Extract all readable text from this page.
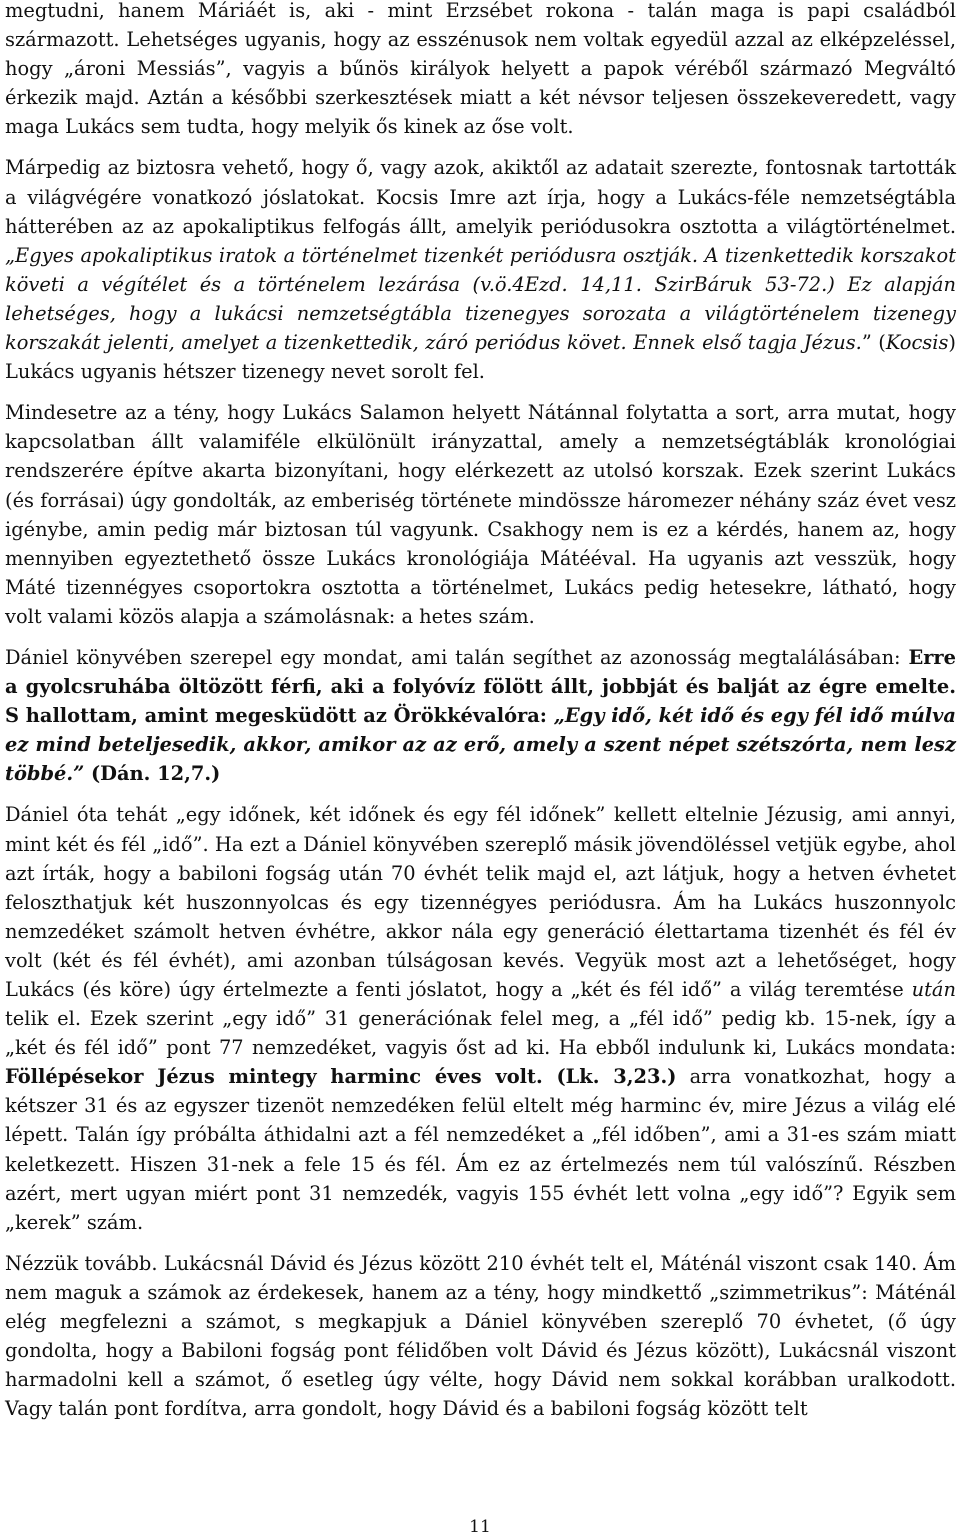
megtudni, hanem Máriáét is, aki - mint Erzsébet rokona - talán maga is papi családból származott. Lehetséges ugyanis, hogy az esszénusok nem voltak egyedül azzal az elképzeléssel, hogy „ároni Messiás”, vagyis a bűnös királyok helyett a papok véréből származó Megváltó érkezik majd. Aztán a későbbi szerkesztések miatt a két névsor teljesen összekeveredett, vagy maga Lukács sem tudta, hogy melyik ős kinek az őse volt.

Márpedig az biztosra vehető, hogy ő, vagy azok, akiktől az adatait szerezte, fontosnak tartották a világvégére vonatkozó jóslatokat. Kocsis Imre azt írja, hogy a Lukács-féle nemzetségtábla hátterében az az apokaliptikus felfogás állt, amelyik periódusokra osztotta a világtörténelmet. „Egyes apokaliptikus iratok a történelmet tizenkét periódusra osztják. A tizenkettedik korszakot követi a végítélet és a történelem lezárása (v.ö.4Ezd. 14,11. SzirBáruk 53-72.) Ez alapján lehetséges, hogy a lukácsi nemzetségtábla tizenegyes sorozata a világtörténelem tizenegy korszakát jelenti, amelyet a tizenkettedik, záró periódus követ. Ennek első tagja Jézus.” (Kocsis) Lukács ugyanis hétszer tizenegy nevet sorolt fel.

Mindesetre az a tény, hogy Lukács Salamon helyett Nátánnal folytatta a sort, arra mutat, hogy kapcsolatban állt valamiféle elkülönült irányzattal, amely a nemzetségtáblák kronológiai rendszerére építve akarta bizonyítani, hogy elérkezett az utolsó korszak. Ezek szerint Lukács (és forrásai) úgy gondolták, az emberiség története mindössze háromezer néhány száz évet vesz igénybe, amin pedig már biztosan túl vagyunk. Csakhogy nem is ez a kérdés, hanem az, hogy mennyiben egyeztethető össze Lukács kronológiája Mátééval. Ha ugyanis azt vesszük, hogy Máté tizennégyes csoportokra osztotta a történelmet, Lukács pedig hetesekre, látható, hogy volt valami közös alapja a számolásnak: a hetes szám.

Dániel könyvében szerepel egy mondat, ami talán segíthet az azonosság megtalálásában: Erre a gyolcsruhába öltözött férfi, aki a folyóvíz fölött állt, jobbját és balját az égre emelte. S hallottam, amint megesküdött az Örökkévalóra: „Egy idő, két idő és egy fél idő múlva ez mind beteljesedik, akkor, amikor az az erő, amely a szent népet szétszórta, nem lesz többé.” (Dán. 12,7.)

Dániel óta tehát „egy időnek, két időnek és egy fél időnek” kellett eltelnie Jézusig, ami annyi, mint két és fél „idő”. Ha ezt a Dániel könyvében szereplő másik jövendöléssel vetjük egybe, ahol azt írták, hogy a babiloni fogság után 70 évhét telik majd el, azt látjuk, hogy a hetven évhetet feloszthatjuk két huszonnyolcas és egy tizennégyes periódusra. Ám ha Lukács huszonnyolc nemzedéket számolt hetven évhétre, akkor nála egy generáció élettartama tizenhét és fél év volt (két és fél évhét), ami azonban túlságosan kevés. Vegyük most azt a lehetőséget, hogy Lukács (és köre) úgy értelmezte a fenti jóslatot, hogy a „két és fél idő” a világ teremtése után telik el. Ezek szerint „egy idő” 31 generációnak felel meg, a „fél idő” pedig kb. 15-nek, így a „két és fél idő” pont 77 nemzedéket, vagyis őst ad ki. Ha ebből indulunk ki, Lukács mondata: Föllépésekor Jézus mintegy harminc éves volt. (Lk. 3,23.) arra vonatkozhat, hogy a kétszer 31 és az egyszer tizenöt nemzedéken felül eltelt még harminc év, mire Jézus a világ elé lépett. Talán így próbálta áthidalni azt a fél nemzedéket a „fél időben”, ami a 31-es szám miatt keletkezett. Hiszen 31-nek a fele 15 és fél. Ám ez az értelmezés nem túl valószínű. Részben azért, mert ugyan miért pont 31 nemzedék, vagyis 155 évhét lett volna „egy idő”? Egyik sem „kerek” szám.

Nézzük tovább. Lukácsnál Dávid és Jézus között 210 évhét telt el, Máténál viszont csak 140. Ám nem maguk a számok az érdekesek, hanem az a tény, hogy mindkettő „szimmetrikus”: Máténál elég megfelezni a számot, s megkapjuk a Dániel könyvében szereplő 70 évhetet, (ő úgy gondolta, hogy a Babiloni fogság pont félidőben volt Dávid és Jézus között), Lukácsnál viszont harmadolni kell a számot, ő esetleg úgy vélte, hogy Dávid nem sokkal korábban uralkodott. Vagy talán pont fordítva, arra gondolt, hogy Dávid és a babiloni fogság között telt

11
